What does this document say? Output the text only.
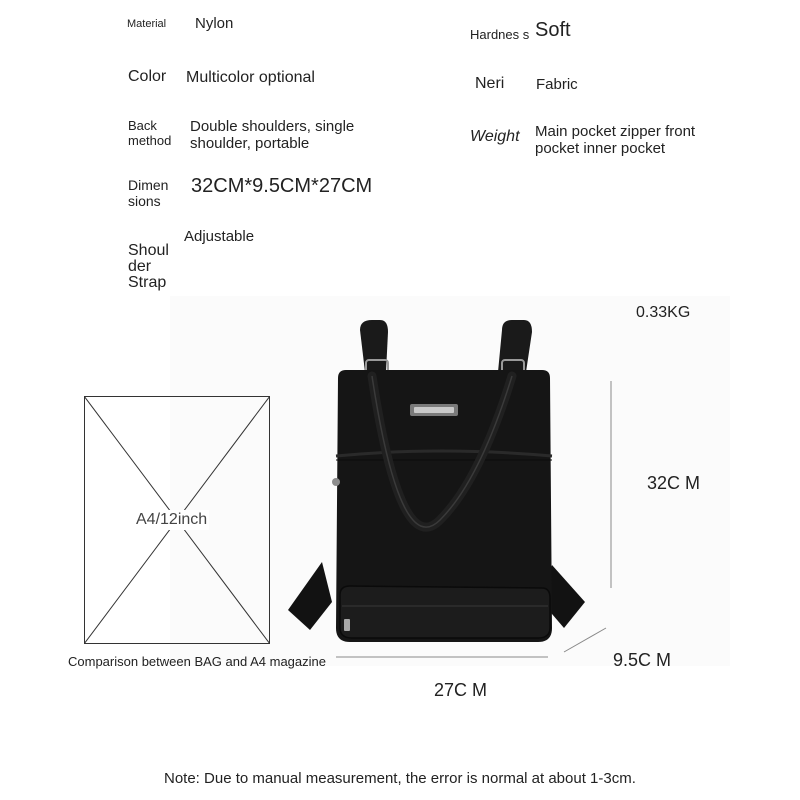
Material Nylon
Hardnes s Soft
Color Multicolor optional	Neri Fabric
Back method
Double shoulders, single shoulder, portable	Weight Main pocket zipper front pocket inner pocket
Dimen sions
32CM*9.5CM*27CM
Shoul der Strap
Adjustable
0.33KG
A4/12inch
Comparison between BAG and A4 magazine
32C M
9.5C M
27C M
Note: Due to manual measurement, the error is normal at about 1-3cm.
